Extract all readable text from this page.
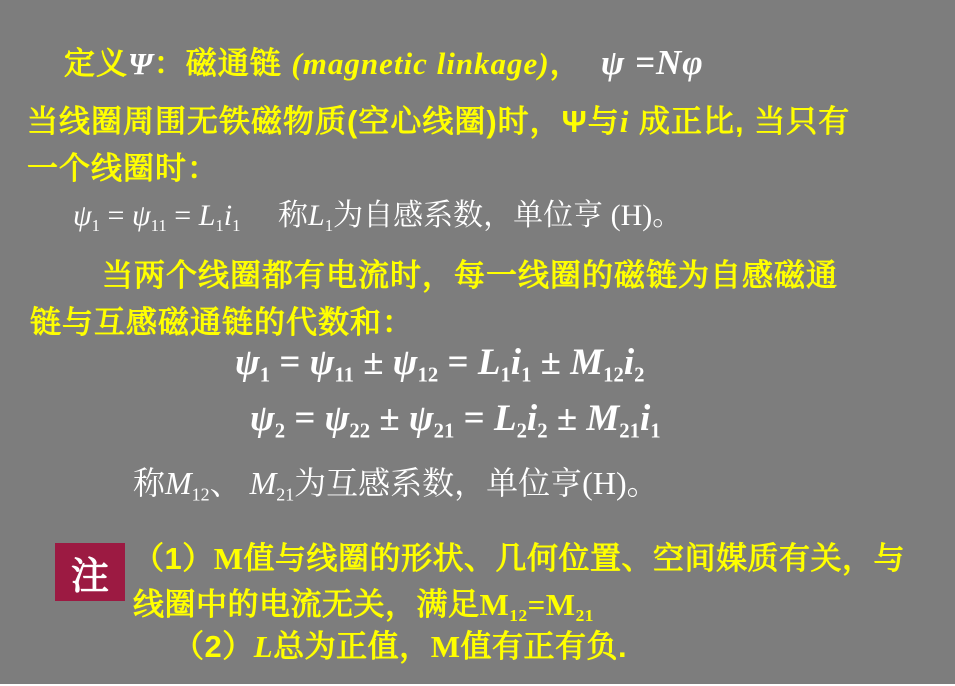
定义Ψ：磁通链 (magnetic linkage)，  ψ =Nφ
当线圈周围无铁磁物质(空心线圈)时，Ψ与i 成正比, 当只有
一个线圈时：
$\psi_1 = \psi_{11} = L_1i_1$　 称$L_1$为自感系数，单位亨 (H)。
当两个线圈都有电流时，每一线圈的磁链为自感磁通
链与互感磁通链的代数和：
$\psi_1 = \psi_{11} \pm \psi_{12} = L_1i_1 \pm M_{12}i_2$
$\psi_2 = \psi_{22} \pm \psi_{21} = L_2i_2 \pm M_{21}i_1$
称$M_{12}$、 $M_{21}$为互感系数，单位亨(H)。
注 （1）M值与线圈的形状、几何位置、空间媒质有关，与
线圈中的电流无关，满足$M_{12}=M_{21}$
（2）L总为正值，M值有正有负.
